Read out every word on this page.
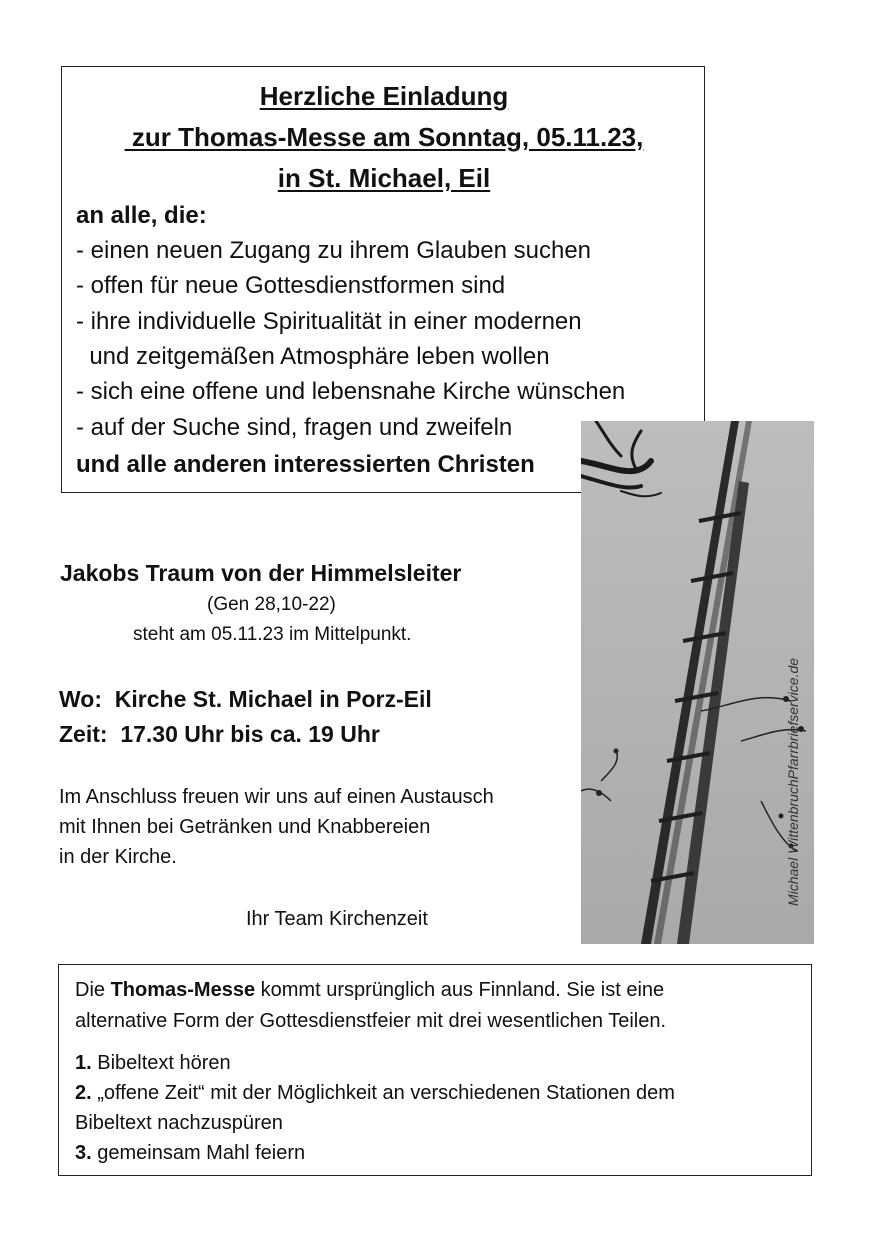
Herzliche Einladung
zur Thomas-Messe am Sonntag, 05.11.23,
in St. Michael, Eil
an alle, die:
- einen neuen Zugang zu ihrem Glauben suchen
- offen für neue Gottesdienstformen sind
- ihre individuelle Spiritualität in einer modernen
und zeitgemäßen Atmosphäre leben wollen
- sich eine offene und lebensnahe Kirche wünschen
- auf der Suche sind, fragen und zweifeln
und alle anderen interessierten Christen
Michael WittenbruchPfarrbriefservice.de
Jakobs Traum von der Himmelsleiter
(Gen 28,10-22)
steht am 05.11.23 im Mittelpunkt.
Wo:  Kirche St. Michael in Porz-Eil
Zeit:  17.30 Uhr bis ca. 19 Uhr
Im Anschluss freuen wir uns auf einen Austausch
mit Ihnen bei Getränken und Knabbereien
in der Kirche.
Ihr Team Kirchenzeit
Die Thomas-Messe kommt ursprünglich aus Finnland. Sie ist eine
alternative Form der Gottesdienstfeier mit drei wesentlichen Teilen.
1. Bibeltext hören
2. „offene Zeit“ mit der Möglichkeit an verschiedenen Stationen dem
Bibeltext nachzuspüren
3. gemeinsam Mahl feiern
